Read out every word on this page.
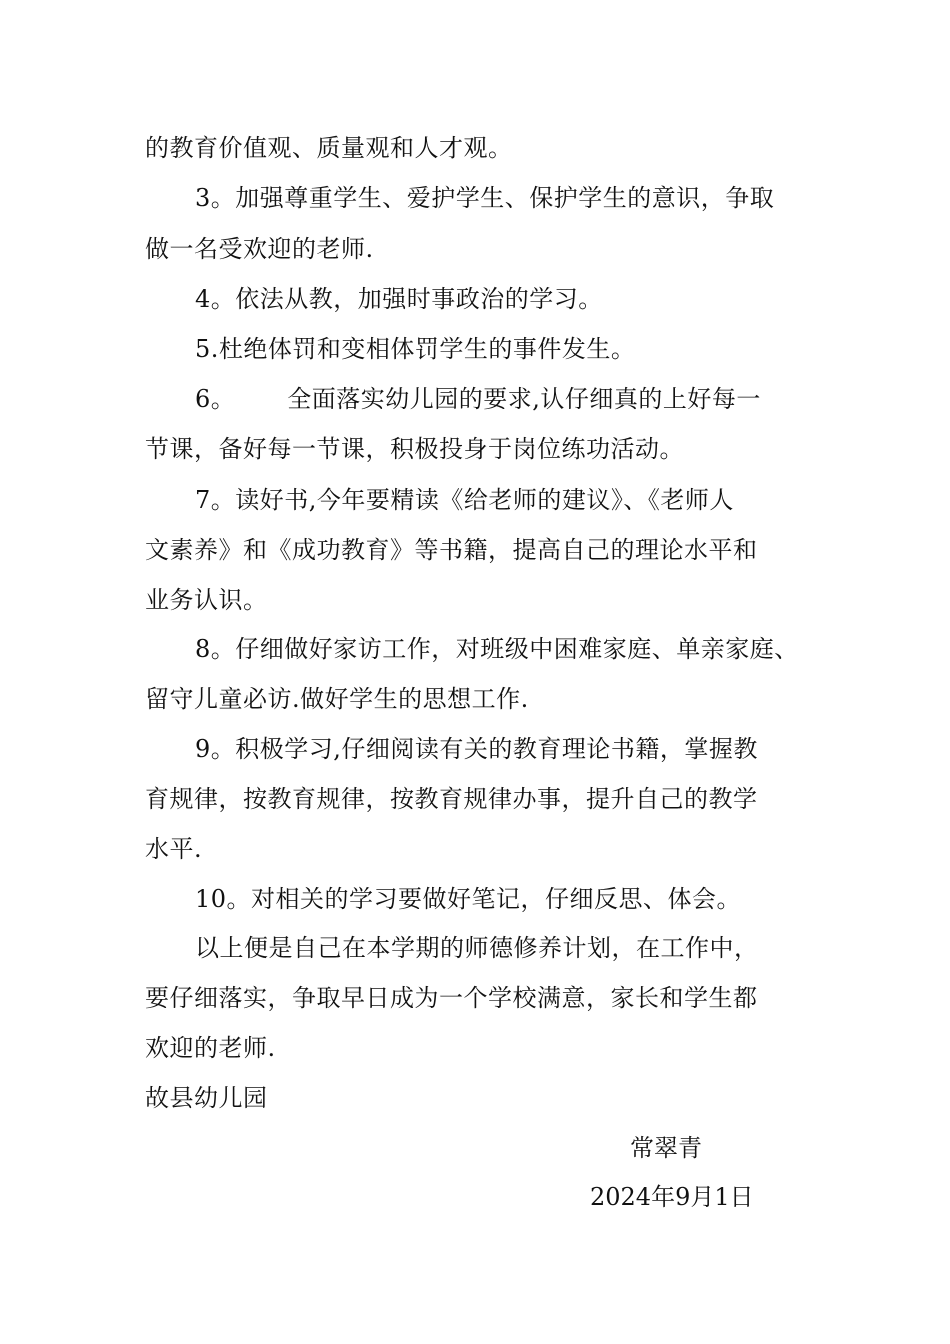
的教育价值观、质量观和人才观。
3。加强尊重学生、爱护学生、保护学生的意识，争取
做一名受欢迎的老师.
4。依法从教，加强时事政治的学习。
5.杜绝体罚和变相体罚学生的事件发生。
6。 全面落实幼儿园的要求,认仔细真的上好每一
节课，备好每一节课，积极投身于岗位练功活动。
7。读好书,今年要精读《给老师的建议》、《老师人
文素养》和《成功教育》等书籍，提高自己的理论水平和
业务认识。
8。仔细做好家访工作，对班级中困难家庭、单亲家庭、
留守儿童必访.做好学生的思想工作.
9。积极学习,仔细阅读有关的教育理论书籍，掌握教
育规律，按教育规律，按教育规律办事，提升自己的教学
水平.
10。对相关的学习要做好笔记，仔细反思、体会。
以上便是自己在本学期的师德修养计划，在工作中，
要仔细落实，争取早日成为一个学校满意，家长和学生都
欢迎的老师.
故县幼儿园
常翠青
2024年9月1日
